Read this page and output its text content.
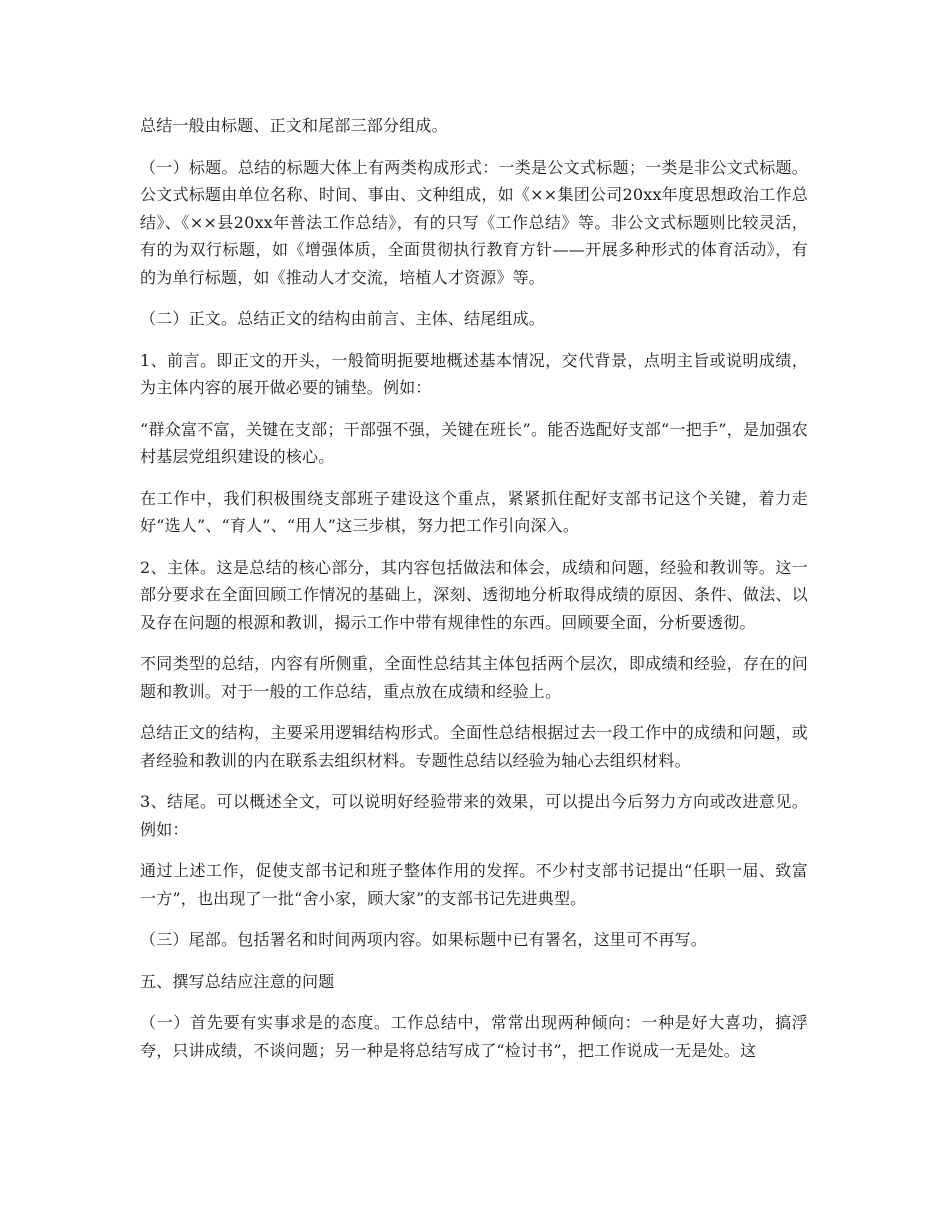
总结一般由标题、正文和尾部三部分组成。

（一）标题。总结的标题大体上有两类构成形式：一类是公文式标题；一类是非公文式标题。公文式标题由单位名称、时间、事由、文种组成，如《××集团公司20xx年度思想政治工作总结》、《××县20xx年普法工作总结》，有的只写《工作总结》等。非公文式标题则比较灵活，有的为双行标题，如《增强体质，全面贯彻执行教育方针——开展多种形式的体育活动》，有的为单行标题，如《推动人才交流，培植人才资源》等。

（二）正文。总结正文的结构由前言、主体、结尾组成。

1、前言。即正文的开头，一般简明扼要地概述基本情况，交代背景，点明主旨或说明成绩，为主体内容的展开做必要的铺垫。例如：

“群众富不富，关键在支部；干部强不强，关键在班长”。能否选配好支部“一把手”，是加强农村基层党组织建设的核心。

在工作中，我们积极围绕支部班子建设这个重点，紧紧抓住配好支部书记这个关键，着力走好“选人”、“育人”、“用人”这三步棋，努力把工作引向深入。

2、主体。这是总结的核心部分，其内容包括做法和体会，成绩和问题，经验和教训等。这一部分要求在全面回顾工作情况的基础上，深刻、透彻地分析取得成绩的原因、条件、做法、以及存在问题的根源和教训，揭示工作中带有规律性的东西。回顾要全面，分析要透彻。

不同类型的总结，内容有所侧重，全面性总结其主体包括两个层次，即成绩和经验，存在的问题和教训。对于一般的工作总结，重点放在成绩和经验上。

总结正文的结构，主要采用逻辑结构形式。全面性总结根据过去一段工作中的成绩和问题，或者经验和教训的内在联系去组织材料。专题性总结以经验为轴心去组织材料。

3、结尾。可以概述全文，可以说明好经验带来的效果，可以提出今后努力方向或改进意见。例如：

通过上述工作，促使支部书记和班子整体作用的发挥。不少村支部书记提出“任职一届、致富一方”，也出现了一批“舍小家，顾大家”的支部书记先进典型。

（三）尾部。包括署名和时间两项内容。如果标题中已有署名，这里可不再写。

五、撰写总结应注意的问题

（一）首先要有实事求是的态度。工作总结中，常常出现两种倾向：一种是好大喜功，搞浮夸，只讲成绩，不谈问题；另一种是将总结写成了“检讨书”，把工作说成一无是处。这
